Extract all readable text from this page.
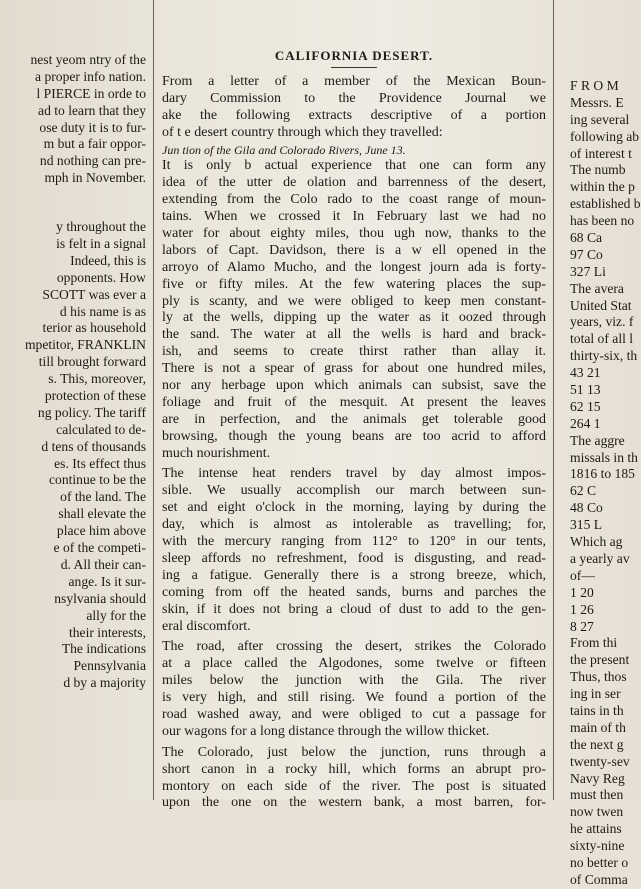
nest yeom ntry of the
a proper info nation.
l PIERCE in orde to
ad to learn that they
ose duty it is to fur-
m but a fair oppor-
nd nothing can pre-
mph in November.
y throughout the
is felt in a signal
Indeed, this is
opponents. How
SCOTT was ever a
d his name is as
terior as household
mpetitor, FRANKLIN
till brought forward
s. This, moreover,
protection of these
ng policy. The tariff
calculated to de-
d tens of thousands
es. Its effect thus
continue to be the
of the land. The
shall elevate the
place him above
e of the competi-
d. All their can-
ange. Is it sur-
nsylvania should
ally for the
their interests,
The indications
Pennsylvania
d by a majority
CALIFORNIA DESERT.
From a letter of a member of the Mexican Boun-
dary Commission to the Providence Journal we
ake the following extracts descriptive of a portion
of t e desert country through which they travelled:
Jun tion of the Gila and Colorado Rivers, June 13.
It is only b actual experience that one can form any
idea of the utter de olation and barrenness of the desert,
extending from the Colo rado to the coast range of moun-
tains. When we crossed it In February last we had no
water for about eighty miles, thou ugh now, thanks to the
labors of Capt. Davidson, there is a w ell opened in the
arroyo of Alamo Mucho, and the longest journ ada is forty-
five or fifty miles. At the few watering places the sup-
ply is scanty, and we were obliged to keep men constant-
ly at the wells, dipping up the water as it oozed through
the sand. The water at all the wells is hard and brack-
ish, and seems to create thirst rather than allay it.
There is not a spear of grass for about one hundred miles,
nor any herbage upon which animals can subsist, save the
foliage and fruit of the mesquit. At present the leaves
are in perfection, and the animals get tolerable good
browsing, though the young beans are too acrid to afford
much nourishment.
The intense heat renders travel by day almost impos-
sible. We usually accomplish our march between sun-
set and eight o'clock in the morning, laying by during the
day, which is almost as intolerable as travelling; for,
with the mercury ranging from 112° to 120° in our tents,
sleep affords no refreshment, food is disgusting, and read-
ing a fatigue. Generally there is a strong breeze, which,
coming from off the heated sands, burns and parches the
skin, if it does not bring a cloud of dust to add to the gen-
eral discomfort.
The road, after crossing the desert, strikes the Colorado
at a place called the Algodones, some twelve or fifteen
miles below the junction with the Gila. The river
is very high, and still rising. We found a portion of the
road washed away, and were obliged to cut a passage for
our wagons for a long distance through the willow thicket.
The Colorado, just below the junction, runs through a
short canon in a rocky hill, which forms an abrupt pro-
montory on each side of the river. The post is situated
upon the one on the western bank, a most barren, for-
F R O M
Messrs. E
ing several
following ab
of interest t
The numb
within the p
established b
has been no
68 Ca
97 Co
327 Li
The avera
United Stat
years, viz. f
total of all l
thirty-six, th
43 21
51 13
62 15
264 1
The aggre
missals in th
1816 to 185
62 C
48 Co
315 L
Which ag
a yearly av
of—
1 20
1 26
8 27
From thi
the present
Thus, thos
ing in ser
tains in th
main of th
the next g
twenty-sev
Navy Reg
must then
now twen
he attains
sixty-nine
no better o
of Comma
